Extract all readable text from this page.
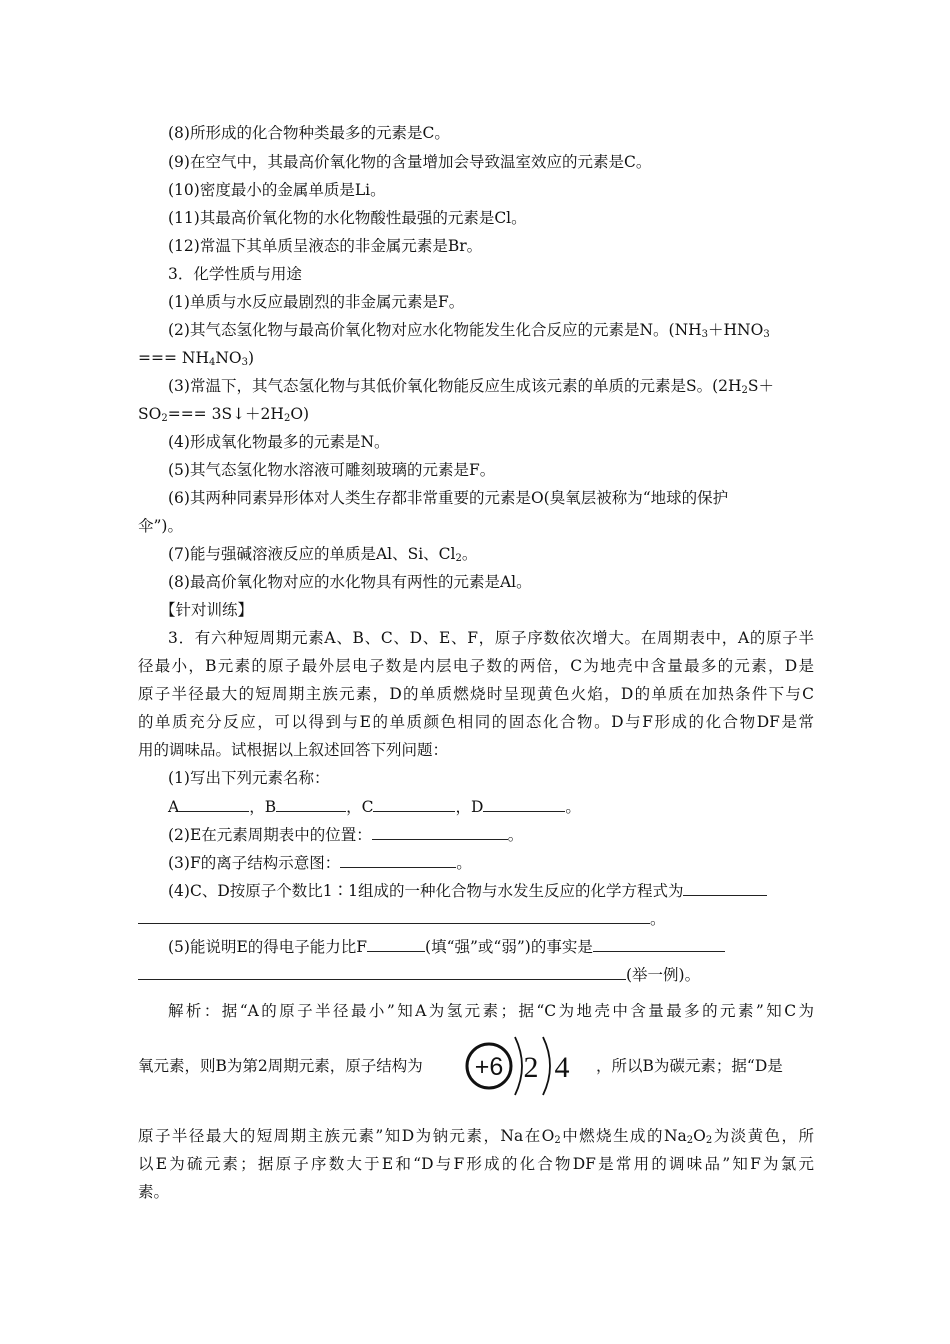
(8)所形成的化合物种类最多的元素是C。
(9)在空气中，其最高价氧化物的含量增加会导致温室效应的元素是C。
(10)密度最小的金属单质是Li。
(11)其最高价氧化物的水化物酸性最强的元素是Cl。
(12)常温下其单质呈液态的非金属元素是Br。
3．化学性质与用途
(1)单质与水反应最剧烈的非金属元素是F。
(2)其气态氢化物与最高价氧化物对应水化物能发生化合反应的元素是N。($NH_3+HNO_3$
=== $NH_4NO_3$)
(3)常温下，其气态氢化物与其低价氧化物能反应生成该元素的单质的元素是S。($2H_2S+$
$SO_2===$ $3S↓+2H_2O$)
(4)形成氧化物最多的元素是N。
(5)其气态氢化物水溶液可雕刻玻璃的元素是F。
(6)其两种同素异形体对人类生存都非常重要的元素是O(臭氧层被称为“地球的保护
伞”)。
(7)能与强碱溶液反应的单质是Al、Si、$Cl_2$。
(8)最高价氧化物对应的水化物具有两性的元素是Al。
【针对训练】
3．有六种短周期元素A、B、C、D、E、F，原子序数依次增大。在周期表中，A的原子半
径最小，B元素的原子最外层电子数是内层电子数的两倍，C为地壳中含量最多的元素，D是
原子半径最大的短周期主族元素，D的单质燃烧时呈现黄色火焰，D的单质在加热条件下与C
的单质充分反应，可以得到与E的单质颜色相同的固态化合物。D与F形成的化合物DF是常
用的调味品。试根据以上叙述回答下列问题：
(1)写出下列元素名称：
A	，B	，C	，D	。
(2)E在元素周期表中的位置：	。
(3)F的离子结构示意图：	。
(4)C、D按原子个数比1∶1组成的一种化合物与水发生反应的化学方程式为
。
(5)能说明E的得电子能力比F	(填“强”或“弱”)的事实是
(举一例)。
解析：据“A的原子半径最小”知A为氢元素；据“C为地壳中含量最多的元素”知C为
氧元素，则B为第2周期元素，原子结构为 +6 2 4 ，所以B为碳元素；据“D是
原子半径最大的短周期主族元素”知D为钠元素，Na在$O_2$中燃烧生成的$Na_2O_2$为淡黄色，所
以E为硫元素；据原子序数大于E和“D与F形成的化合物DF是常用的调味品”知F为氯元
素。
